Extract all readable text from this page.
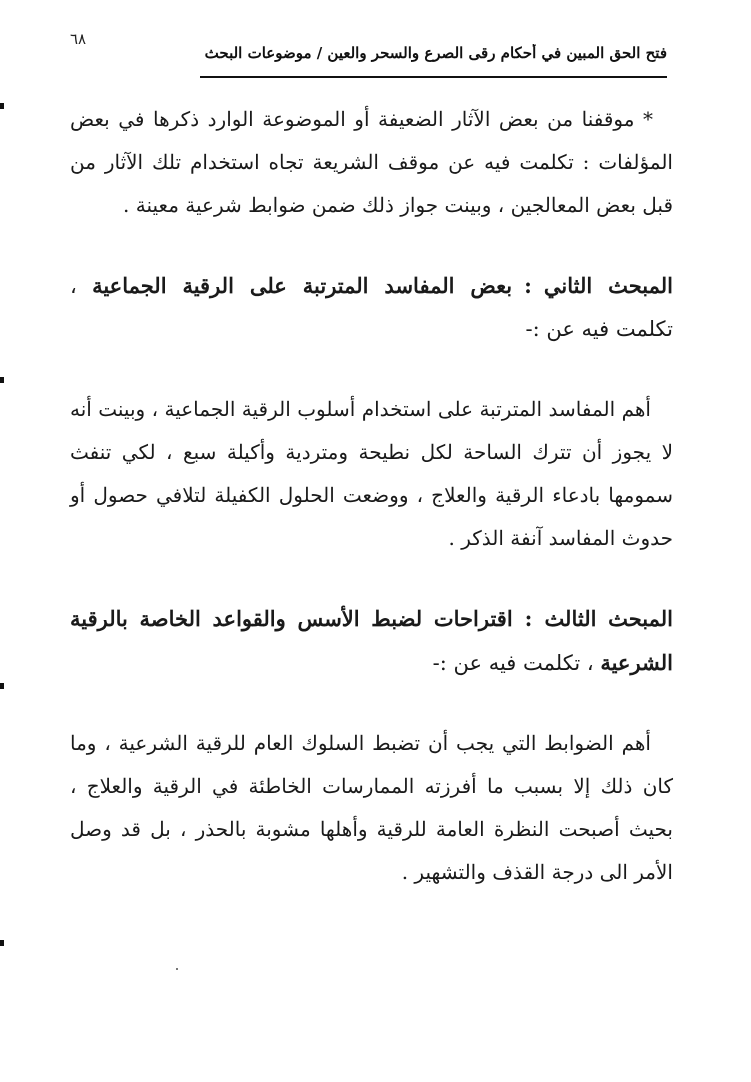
٦٨
فتح الحق المبين في أحكام رقى الصرع والسحر والعين / موضوعات البحث

* موقفنا من بعض الآثار الضعيفة أو الموضوعة الوارد ذكرها في بعض المؤلفات : تكلمت فيه عن موقف الشريعة تجاه استخدام تلك الآثار من قبل بعض المعالجين ، وبينت جواز ذلك ضمن ضوابط شرعية معينة .

المبحث الثاني:بعض المفاسد المترتبة على الرقية الجماعية ، تكلمت فيه عن :-

أهم المفاسد المترتبة على استخدام أسلوب الرقية الجماعية ، وبينت أنه لا يجوز أن تترك الساحة لكل نطيحة ومتردية وأكيلة سبع ، لكي تنفث سمومها بادعاء الرقية والعلاج ، ووضعت الحلول الكفيلة لتلافي حصول أو حدوث المفاسد آنفة الذكر .

المبحث الثالث:اقتراحات لضبط الأسس والقواعد الخاصة بالرقية الشرعية ، تكلمت فيه عن :-

أهم الضوابط التي يجب أن تضبط السلوك العام للرقية الشرعية ، وما كان ذلك إلا بسبب ما أفرزته الممارسات الخاطئة في الرقية والعلاج ، بحيث أصبحت النظرة العامة للرقية وأهلها مشوبة بالحذر ، بل قد وصل الأمر الى درجة القذف والتشهير .
